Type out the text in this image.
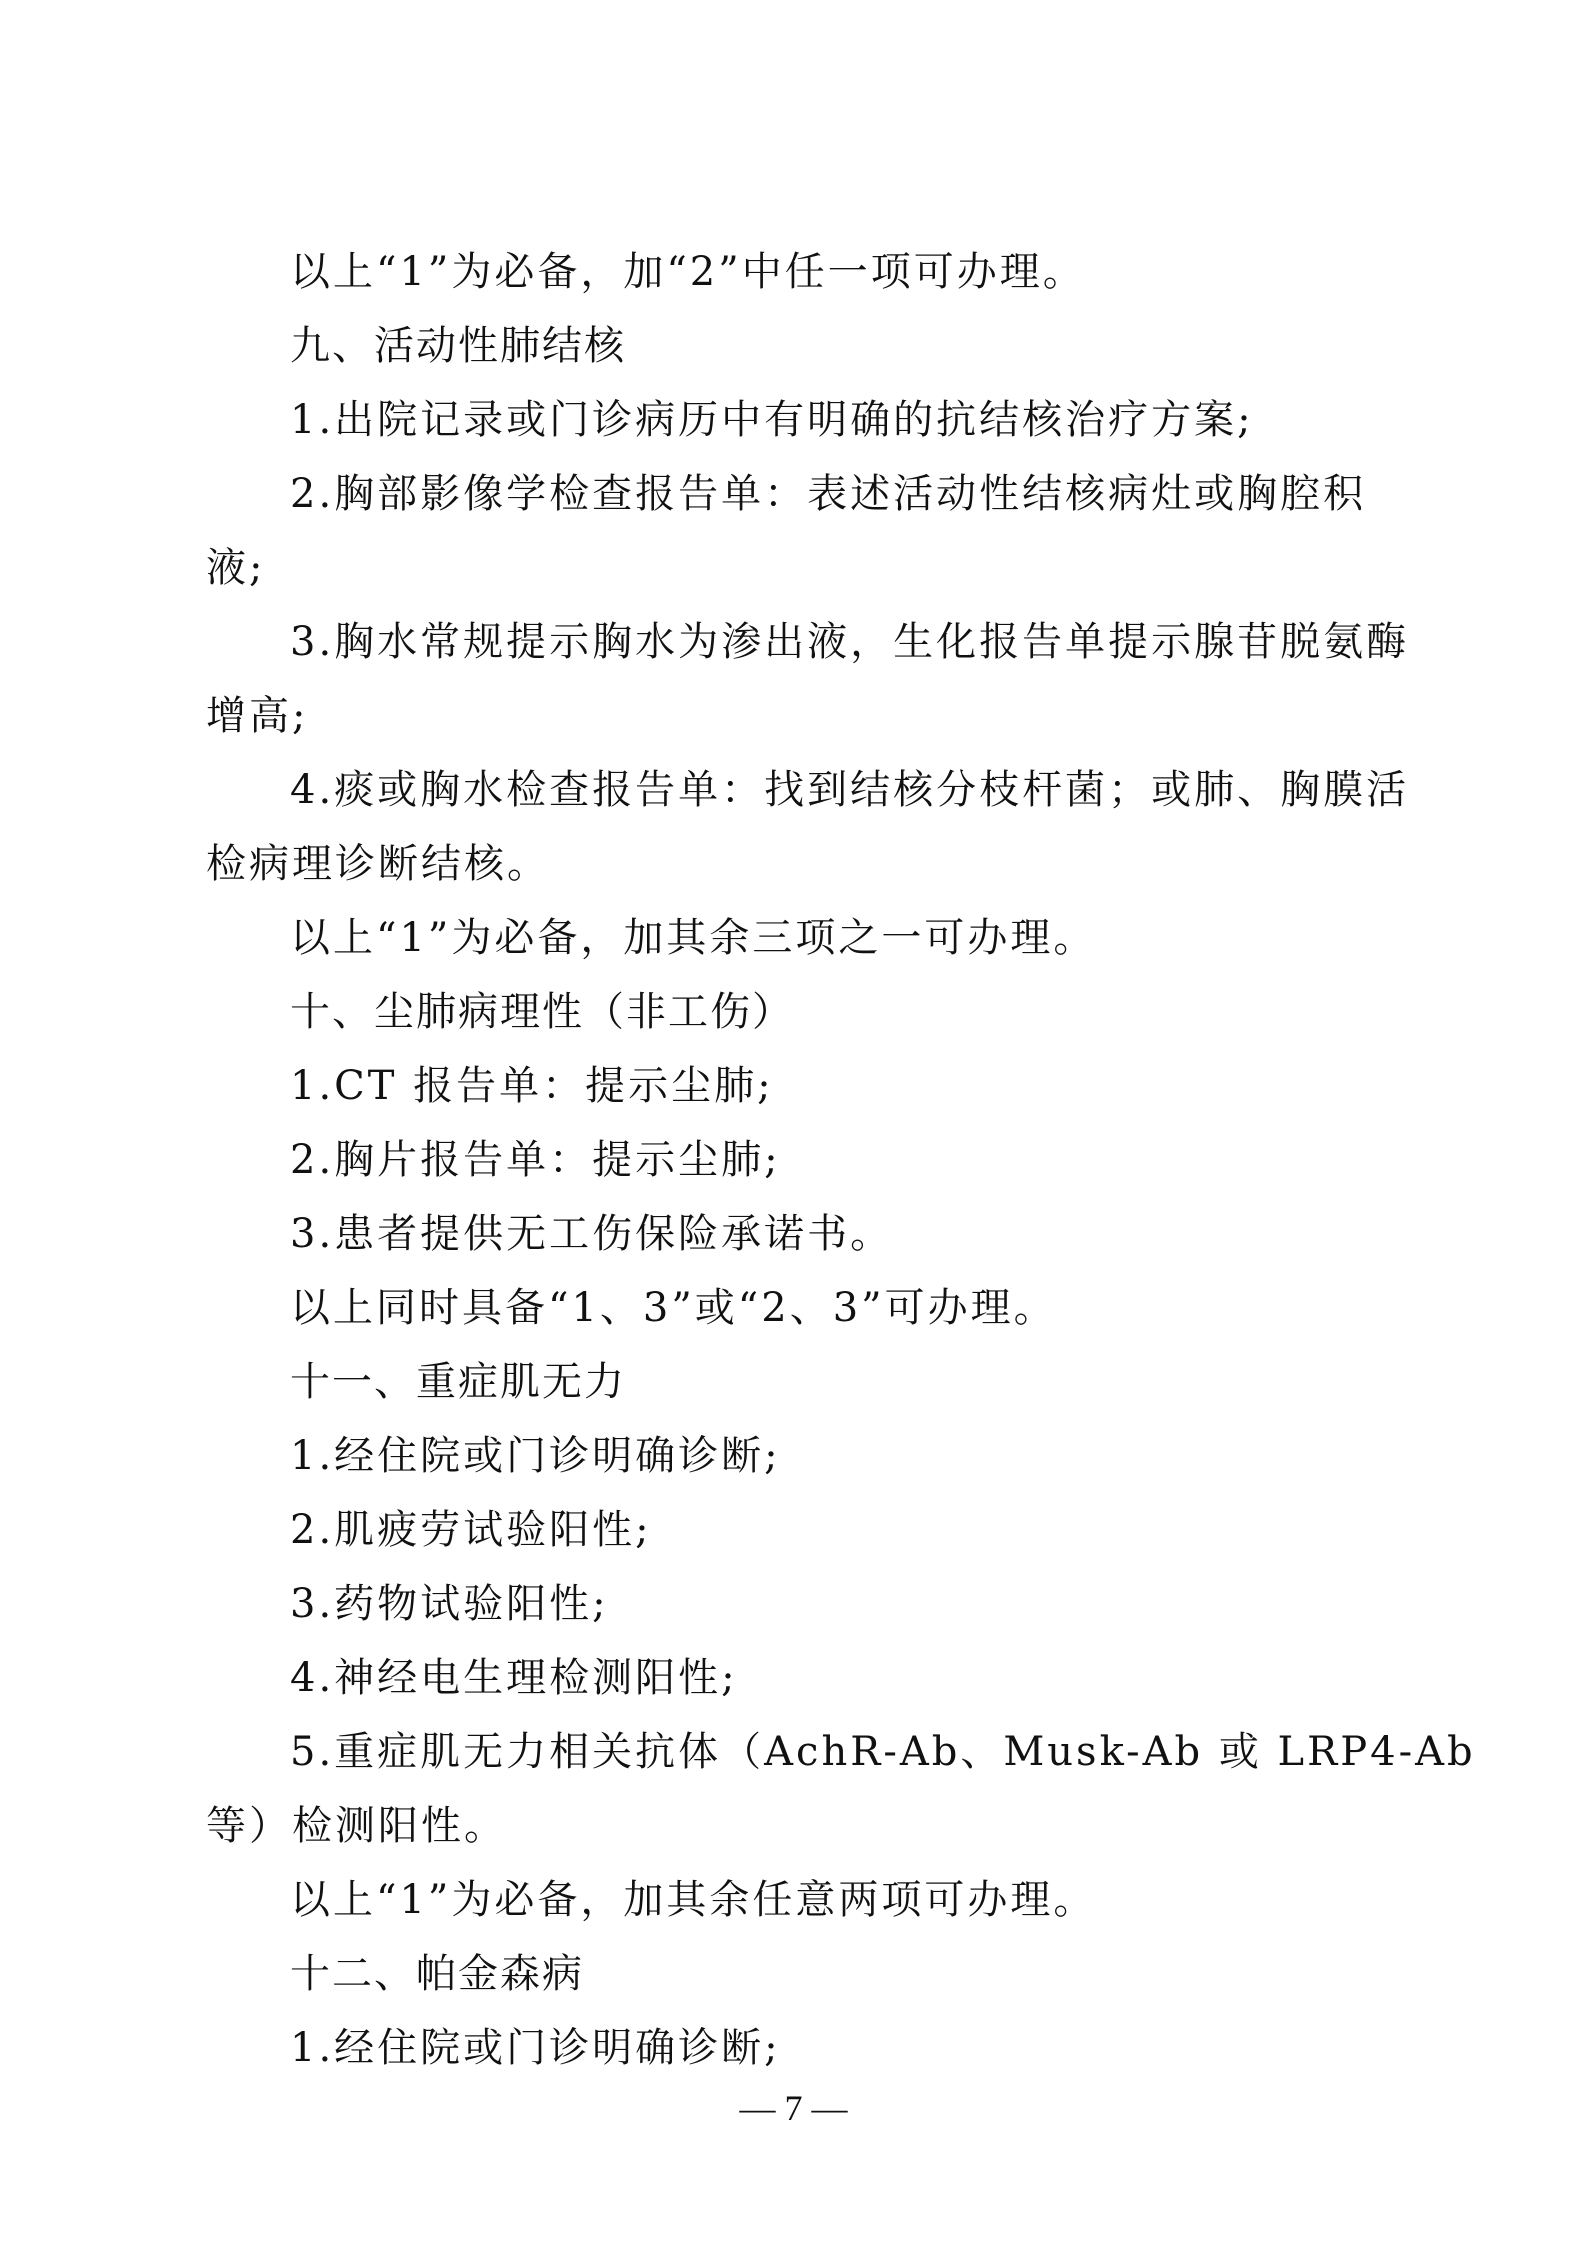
以上“1”为必备，加“2”中任一项可办理。

九、活动性肺结核

1.出院记录或门诊病历中有明确的抗结核治疗方案;

2.胸部影像学检查报告单：表述活动性结核病灶或胸腔积

液;

3.胸水常规提示胸水为渗出液，生化报告单提示腺苷脱氨酶

增高;

4.痰或胸水检查报告单：找到结核分枝杆菌；或肺、胸膜活

检病理诊断结核。

以上“1”为必备，加其余三项之一可办理。

十、尘肺病理性（非工伤）

1.CT 报告单：提示尘肺;

2.胸片报告单：提示尘肺;

3.患者提供无工伤保险承诺书。

以上同时具备“1、3”或“2、3”可办理。

十一、重症肌无力

1.经住院或门诊明确诊断;

2.肌疲劳试验阳性;

3.药物试验阳性;

4.神经电生理检测阳性;

5.重症肌无力相关抗体（AchR-Ab、Musk-Ab 或 LRP4-Ab

等）检测阳性。

以上“1”为必备，加其余任意两项可办理。

十二、帕金森病

1.经住院或门诊明确诊断;

— 7 —
